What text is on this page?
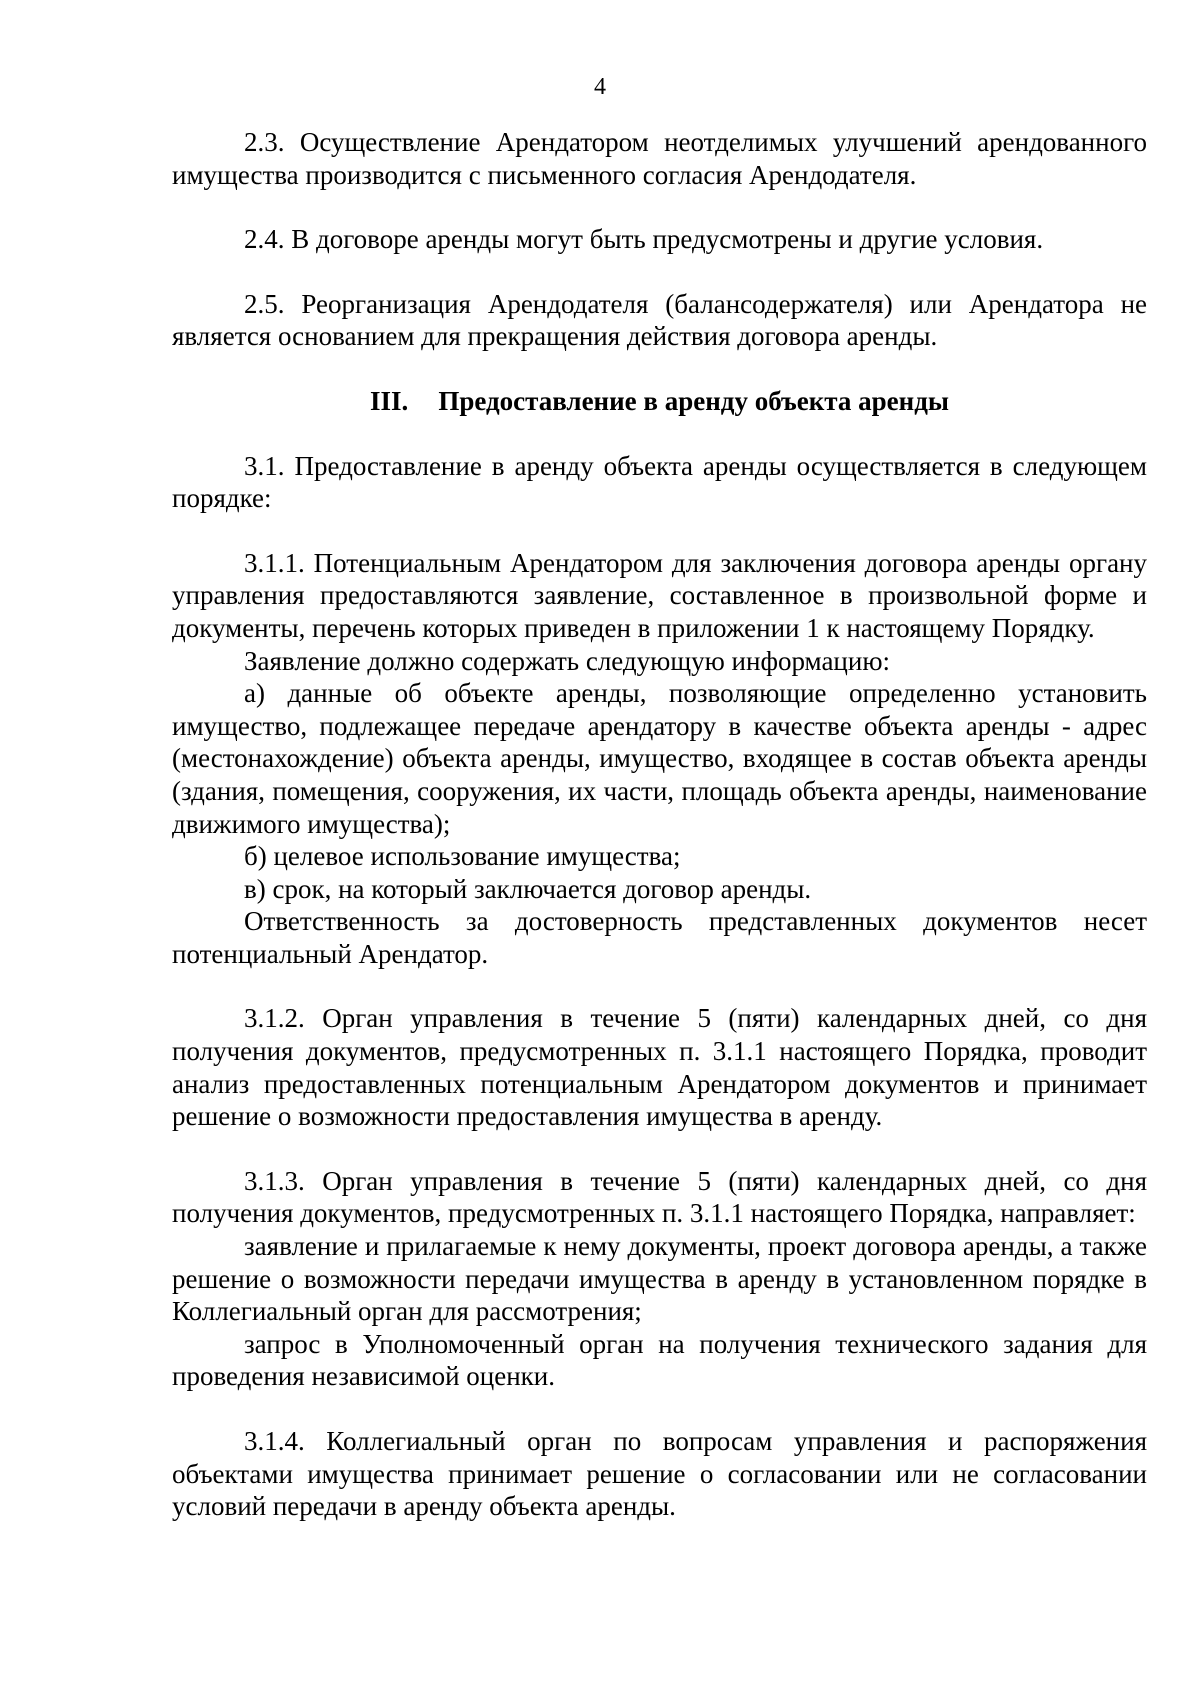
4

2.3. Осуществление Арендатором неотделимых улучшений арендованного имущества производится с письменного согласия Арендодателя.

2.4. В договоре аренды могут быть предусмотрены и другие условия.

2.5. Реорганизация Арендодателя (балансодержателя) или Арендатора не является основанием для прекращения действия договора аренды.

III. Предоставление в аренду объекта аренды

3.1. Предоставление в аренду объекта аренды осуществляется в следующем порядке:

3.1.1. Потенциальным Арендатором для заключения договора аренды органу управления предоставляются заявление, составленное в произвольной форме и документы, перечень которых приведен в приложении 1 к настоящему Порядку.

Заявление должно содержать следующую информацию:

а) данные об объекте аренды, позволяющие определенно установить имущество, подлежащее передаче арендатору в качестве объекта аренды - адрес (местонахождение) объекта аренды, имущество, входящее в состав объекта аренды (здания, помещения, сооружения, их части, площадь объекта аренды, наименование движимого имущества);

б) целевое использование имущества;

в) срок, на который заключается договор аренды.

Ответственность за достоверность представленных документов несет потенциальный Арендатор.

3.1.2. Орган управления в течение 5 (пяти) календарных дней, со дня получения документов, предусмотренных п. 3.1.1 настоящего Порядка, проводит анализ предоставленных потенциальным Арендатором документов и принимает решение о возможности предоставления имущества в аренду.

3.1.3. Орган управления в течение 5 (пяти) календарных дней, со дня получения документов, предусмотренных п. 3.1.1 настоящего Порядка, направляет:

заявление и прилагаемые к нему документы, проект договора аренды, а также решение о возможности передачи имущества в аренду в установленном порядке в Коллегиальный орган для рассмотрения;

запрос в Уполномоченный орган на получения технического задания для проведения независимой оценки.

3.1.4. Коллегиальный орган по вопросам управления и распоряжения объектами имущества принимает решение о согласовании или не согласовании условий передачи в аренду объекта аренды.
